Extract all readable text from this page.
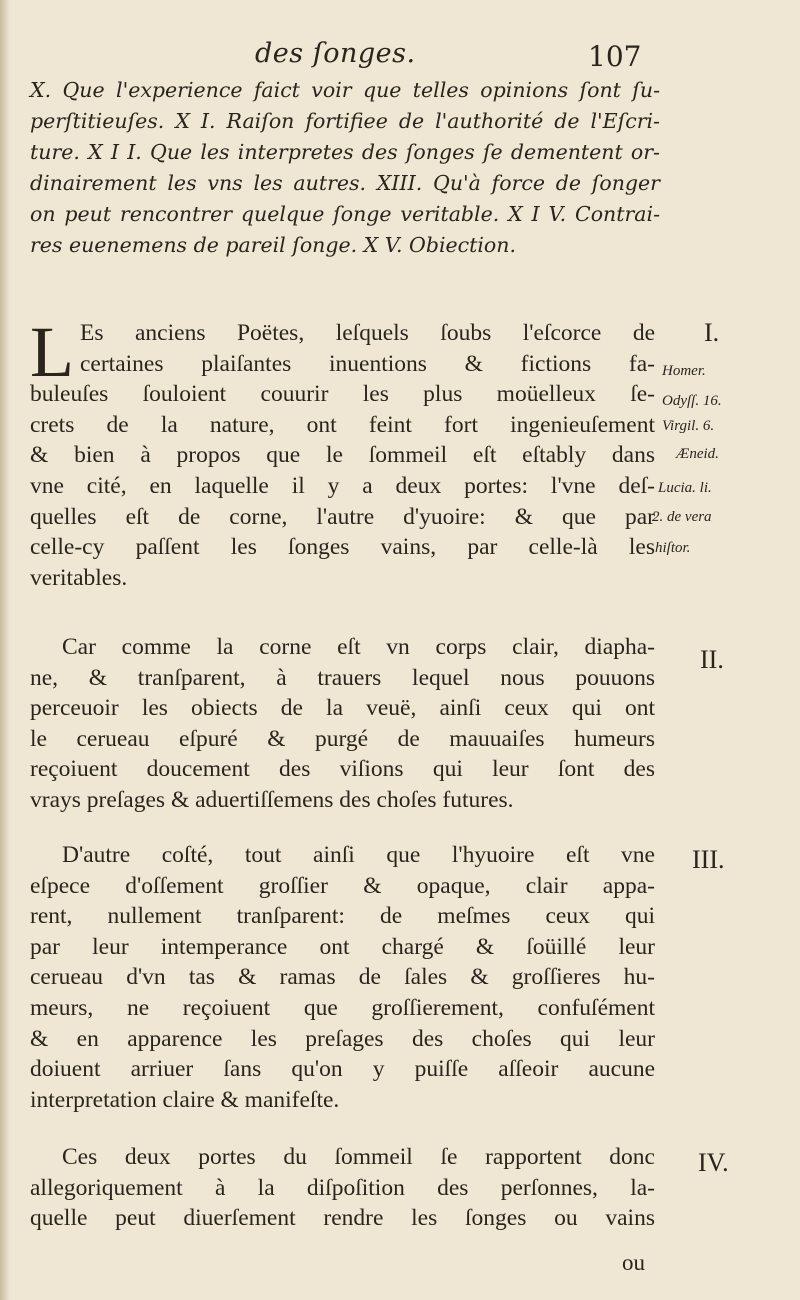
des ſonges.	107
X. Que l'experience faict voir que telles opinions ſont ſu-
perſtitieuſes. X I. Raiſon fortifiee de l'authorité de l'Eſcri-
ture. X I I. Que les interpretes des ſonges ſe dementent or-
dinairement les vns les autres. XIII. Qu'à force de ſonger
on peut rencontrer quelque ſonge veritable. X I V. Contrai-
res euenemens de pareil ſonge. X V. Obiection.
L Es anciens Poëtes, leſquels ſoubs l'eſcorce de
certaines plaiſantes inuentions & fictions fa-
buleuſes ſouloient couurir les plus moüelleux ſe-
crets de la nature, ont feint fort ingenieuſement
& bien à propos que le ſommeil eſt eſtably dans
vne cité, en laquelle il y a deux portes: l'vne deſ-
quelles eſt de corne, l'autre d'yuoire: & que par
celle-cy paſſent les ſonges vains, par celle-là les
veritables.
Car comme la corne eſt vn corps clair, diapha-
ne, & tranſparent, à trauers lequel nous pouuons
perceuoir les obiects de la veuë, ainſi ceux qui ont
le cerueau eſpuré & purgé de mauuaiſes humeurs
reçoiuent doucement des viſions qui leur ſont des
vrays preſages & aduertiſſemens des choſes futures.
D'autre coſté, tout ainſi que l'hyuoire eſt vne
eſpece d'oſſement groſſier & opaque, clair appa-
rent, nullement tranſparent: de meſmes ceux qui
par leur intemperance ont chargé & ſoüillé leur
cerueau d'vn tas & ramas de ſales & groſſieres hu-
meurs, ne reçoiuent que groſſierement, confuſément
& en apparence les preſages des choſes qui leur
doiuent arriuer ſans qu'on y puiſſe aſſeoir aucune
interpretation claire & manifeſte.
Ces deux portes du ſommeil ſe rapportent donc
allegoriquement à la diſpoſition des perſonnes, la-
quelle peut diuerſement rendre les ſonges ou vains
ou
I.
II.
III.
IV.
Homer.
Odyſſ. 16.
Virgil. 6.
Æneid.
Lucia. li.
2. de vera
hiſtor.
